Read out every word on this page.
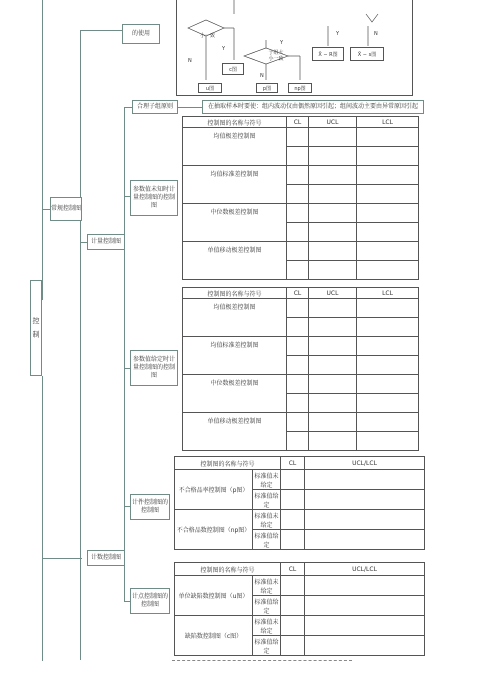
控 制
常规控制图
计量控制图
计数控制图
的使用
合理子组原则	在抽取样本时要使：组内波动仅由偶然原因引起；组间波动主要由异常原因引起
参数值未知时计量控制图的控制图
参数值给定时计量控制图的控制图
计件控制图的控制图
计点控制图的控制图
u图
c图
p图	np图
X̄ − R图	X̄ − s图
小一致
子组大
小一致
N
Y
N
Y
Y	N
控制图的名称与符号	CL	UCL	LCL
均值极差控制图			

均值标准差控制图			

中位数极差控制图			

单值移动极差控制图			

控制图的名称与符号	CL	UCL	LCL
均值极差控制图			

均值标准差控制图			

中位数极差控制图			

单值移动极差控制图			

控制图的名称与符号		CL	UCL/LCL
不合格品率控制图（p图）	标准值未给定		
	标准值给定		
不合格品数控制图（np图）	标准值未给定		
	标准值给定		
控制图的名称与符号		CL	UCL/LCL
单位缺陷数控制图（u图）	标准值未给定		
	标准值给定		
缺陷数控制图（c图）	标准值未给定		
	标准值给定		
